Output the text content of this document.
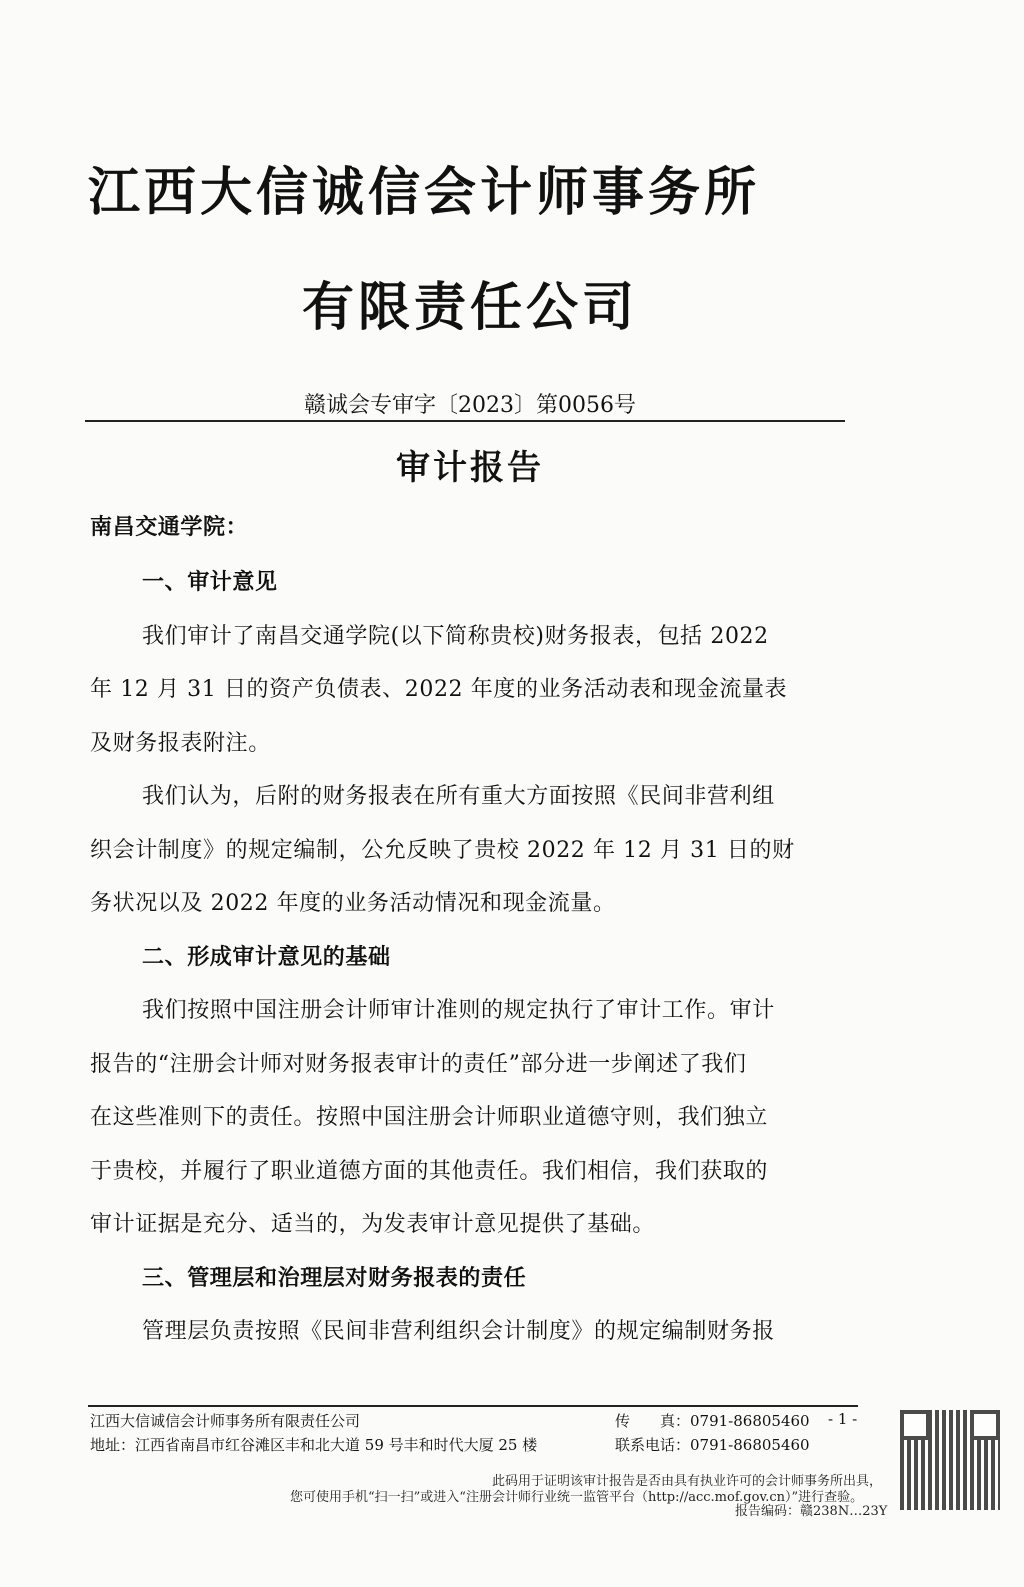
江西大信诚信会计师事务所
有限责任公司
赣诚会专审字〔2023〕第0056号
审计报告
南昌交通学院：
一、审计意见
我们审计了南昌交通学院(以下简称贵校)财务报表，包括 2022
年 12 月 31 日的资产负债表、2022 年度的业务活动表和现金流量表
及财务报表附注。
我们认为，后附的财务报表在所有重大方面按照《民间非营利组
织会计制度》的规定编制，公允反映了贵校 2022 年 12 月 31 日的财
务状况以及 2022 年度的业务活动情况和现金流量。
二、形成审计意见的基础
我们按照中国注册会计师审计准则的规定执行了审计工作。审计
报告的“注册会计师对财务报表审计的责任”部分进一步阐述了我们
在这些准则下的责任。按照中国注册会计师职业道德守则，我们独立
于贵校，并履行了职业道德方面的其他责任。我们相信，我们获取的
审计证据是充分、适当的，为发表审计意见提供了基础。
三、管理层和治理层对财务报表的责任
管理层负责按照《民间非营利组织会计制度》的规定编制财务报
江西大信诚信会计师事务所有限责任公司	传　　真：0791-86805460 - 1 -
地址：江西省南昌市红谷滩区丰和北大道 59 号丰和时代大厦 25 楼	联系电话：0791-86805460
此码用于证明该审计报告是否由具有执业许可的会计师事务所出具，
您可使用手机“扫一扫”或进入“注册会计师行业统一监管平台（http://acc.mof.gov.cn）”进行查验。
报告编码：赣238N…23Y
